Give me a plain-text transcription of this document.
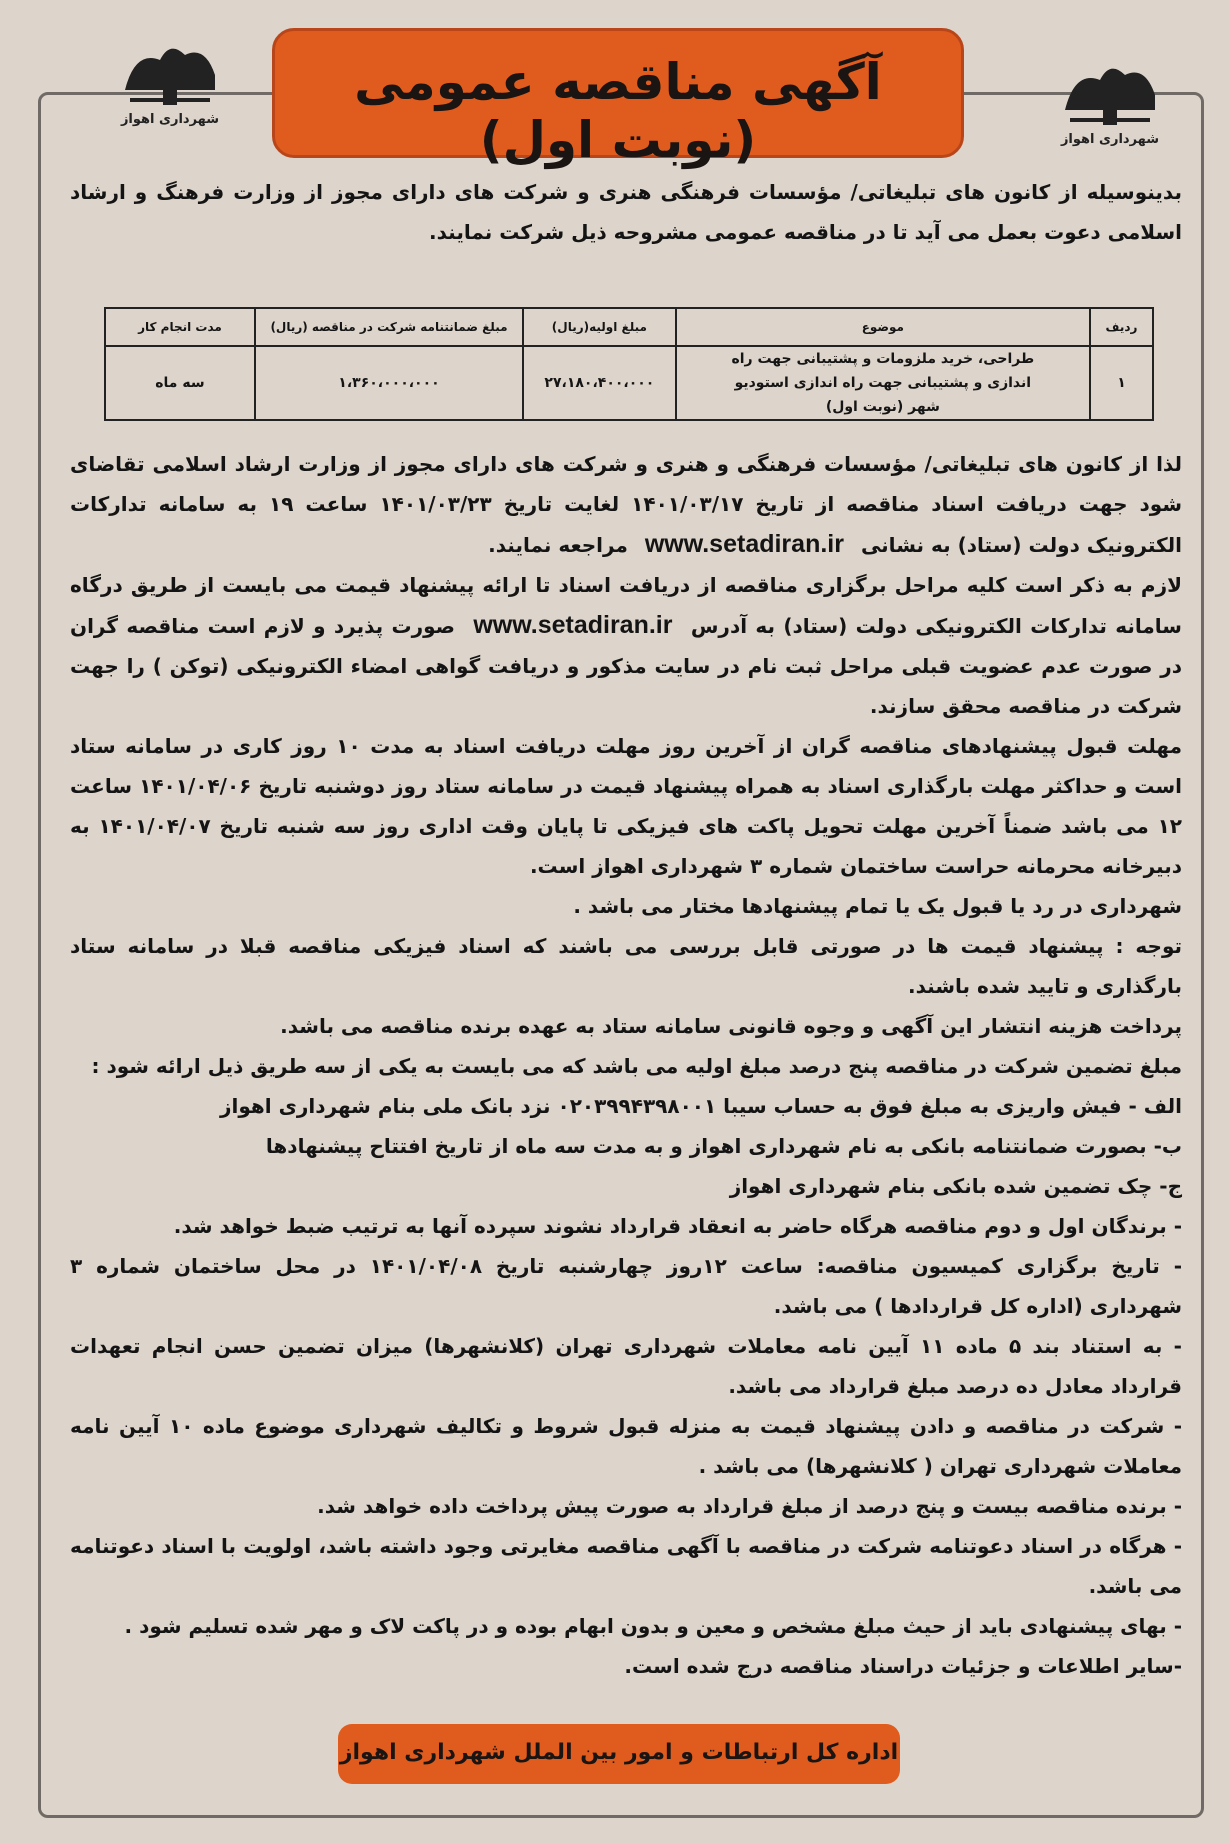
شهرداری اهواز
شهرداری اهواز
آگهی مناقصه عمومی (نوبت اول)
بدینوسیله از کانون های تبلیغاتی/ مؤسسات فرهنگی هنری و شرکت های دارای مجوز از وزارت فرهنگ و ارشاد اسلامی دعوت بعمل می آید تا در مناقصه عمومی مشروحه ذیل شرکت نمایند.
ردیف	موضوع	مبلغ اولیه(ریال)	مبلغ ضمانتنامه شرکت در مناقصه (ریال)	مدت انجام کار
۱	طراحی، خرید ملزومات و پشتیبانی جهت راه اندازی و پشتیبانی جهت راه اندازی استودیو شهر (نوبت اول)	۲۷،۱۸۰،۴۰۰،۰۰۰	۱،۳۶۰،۰۰۰،۰۰۰	سه ماه

لذا از کانون های تبلیغاتی/ مؤسسات فرهنگی و هنری و شرکت های دارای مجوز از وزارت ارشاد اسلامی تقاضای شود جهت دریافت اسناد مناقصه از تاریخ ۱۴۰۱/۰۳/۱۷ لغایت تاریخ ۱۴۰۱/۰۳/۲۳ ساعت ۱۹ به سامانه تدارکات الکترونیک دولت (ستاد) به نشانی www.setadiran.ir مراجعه نمایند.

لازم به ذکر است کلیه مراحل برگزاری مناقصه از دریافت اسناد تا ارائه پیشنهاد قیمت می بایست از طریق درگاه سامانه تدارکات الکترونیکی دولت (ستاد) به آدرس www.setadiran.ir صورت پذیرد و لازم است مناقصه گران در صورت عدم عضویت قبلی مراحل ثبت نام در سایت مذکور و دریافت گواهی امضاء الکترونیکی (توکن ) را جهت شرکت در مناقصه محقق سازند.

مهلت قبول پیشنهادهای مناقصه گران از آخرین روز مهلت دریافت اسناد به مدت ۱۰ روز کاری در سامانه ستاد است و حداکثر مهلت بارگذاری اسناد به همراه پیشنهاد قیمت در سامانه ستاد روز دوشنبه تاریخ ۱۴۰۱/۰۴/۰۶ ساعت ۱۲ می باشد ضمناً آخرین مهلت تحویل پاکت های فیزیکی تا پایان وقت اداری روز سه شنبه تاریخ ۱۴۰۱/۰۴/۰۷ به دبیرخانه محرمانه حراست ساختمان شماره ۳ شهرداری اهواز است.

شهرداری در رد یا قبول یک یا تمام پیشنهادها مختار می باشد .

توجه : پیشنهاد قیمت ها در صورتی قابل بررسی می باشند که اسناد فیزیکی مناقصه قبلا در سامانه ستاد بارگذاری و تایید شده باشند.

پرداخت هزینه انتشار این آگهی و وجوه قانونی سامانه ستاد به عهده برنده مناقصه می باشد.

مبلغ تضمین شرکت در مناقصه پنج درصد مبلغ اولیه می باشد که می بایست به یکی از سه طریق ذیل ارائه شود :

الف - فیش واریزی به مبلغ فوق به حساب سیبا ۰۲۰۳۹۹۴۳۹۸۰۰۱ نزد بانک ملی بنام شهرداری اهواز

ب- بصورت ضمانتنامه بانکی به نام شهرداری اهواز و به مدت سه ماه از تاریخ افتتاح پیشنهادها

ج- چک تضمین شده بانکی بنام شهرداری اهواز

- برندگان اول و دوم مناقصه هرگاه حاضر به انعقاد قرارداد نشوند سپرده آنها به ترتیب ضبط خواهد شد.

- تاریخ برگزاری کمیسیون مناقصه: ساعت ۱۲روز چهارشنبه تاریخ ۱۴۰۱/۰۴/۰۸ در محل ساختمان شماره ۳ شهرداری (اداره کل قراردادها ) می باشد.

- به استناد بند ۵ ماده ۱۱ آیین نامه معاملات شهرداری تهران (کلانشهرها) میزان تضمین حسن انجام تعهدات قرارداد معادل ده درصد مبلغ قرارداد می باشد.

- شرکت در مناقصه و دادن پیشنهاد قیمت به منزله قبول شروط و تکالیف شهرداری موضوع ماده ۱۰ آیین نامه معاملات شهرداری تهران ( کلانشهرها) می باشد .

- برنده مناقصه بیست و پنج درصد از مبلغ قرارداد به صورت پیش پرداخت داده خواهد شد.

- هرگاه در اسناد دعوتنامه شرکت در مناقصه با آگهی مناقصه مغایرتی وجود داشته باشد، اولویت با اسناد دعوتنامه می باشد.

- بهای پیشنهادی باید از حیث مبلغ مشخص و معین و بدون ابهام بوده و در پاکت لاک و مهر شده تسلیم شود .

-سایر اطلاعات و جزئیات دراسناد مناقصه درج شده است.

اداره کل ارتباطات و امور بین الملل شهرداری اهواز
